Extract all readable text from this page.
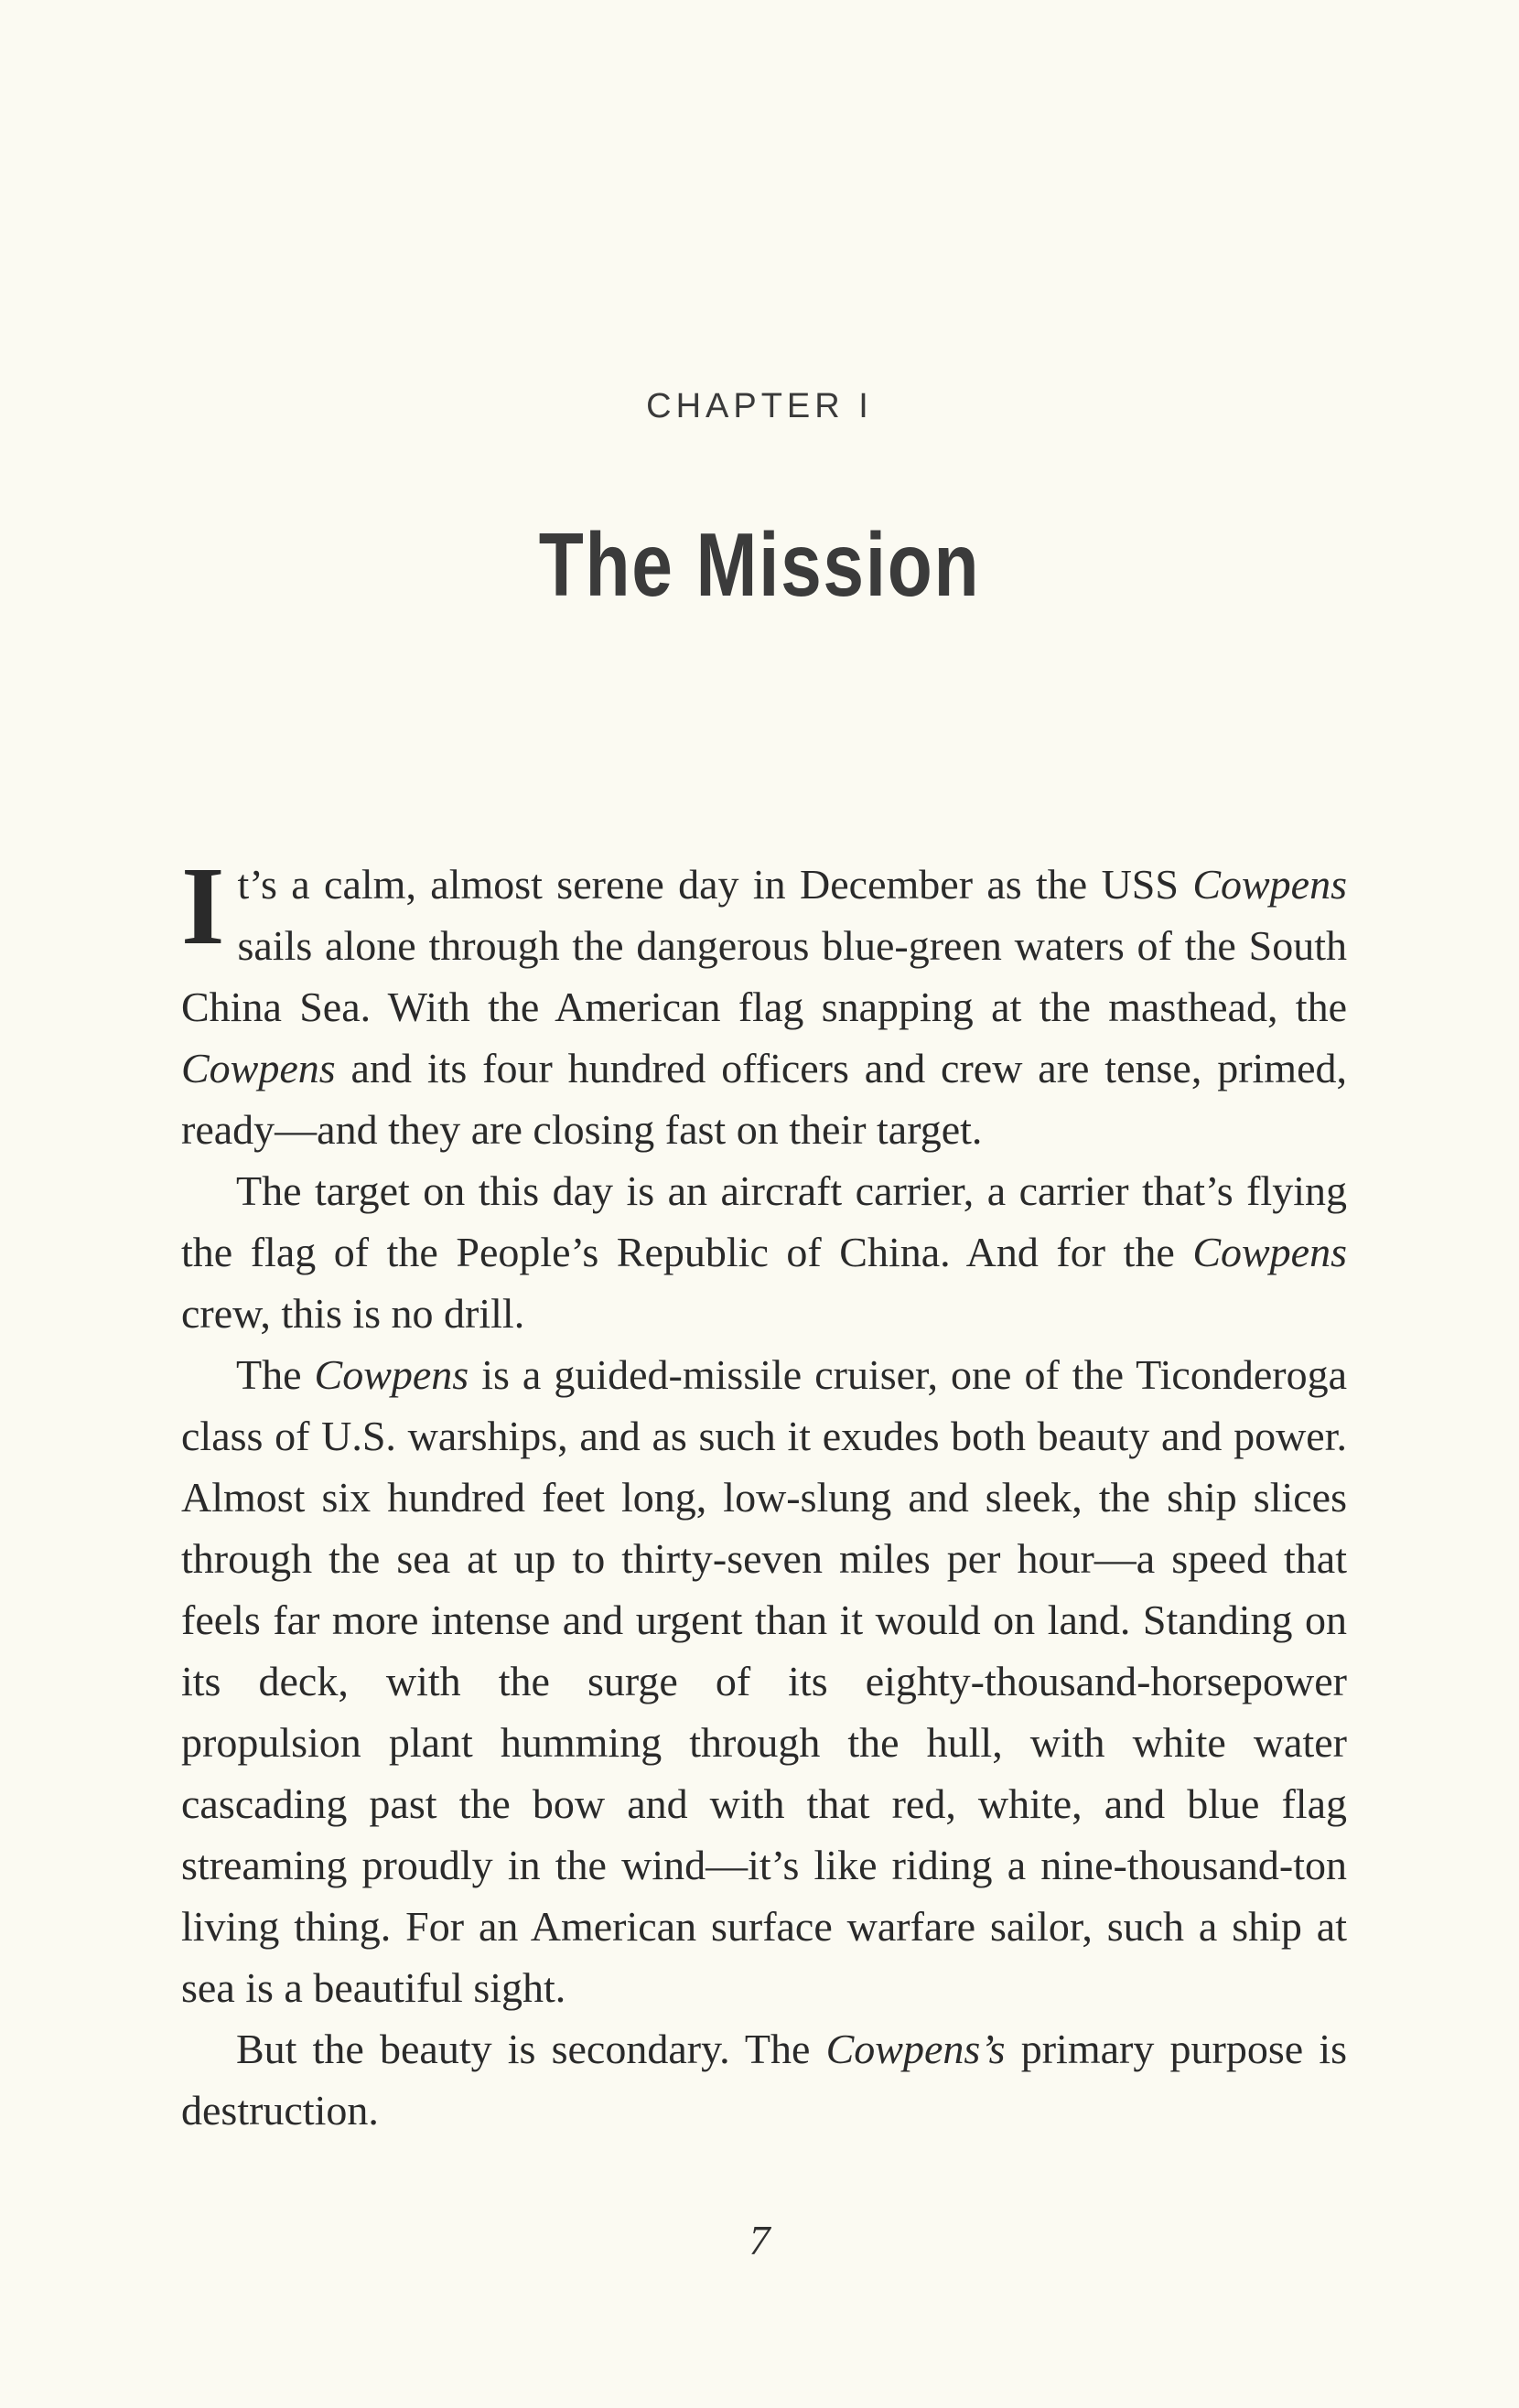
CHAPTER I
The Mission

It’s a calm, almost serene day in December as the USS Cowpens sails alone through the dangerous blue-green waters of the South China Sea. With the American flag snapping at the masthead, the Cowpens and its four hundred officers and crew are tense, primed, ready—and they are closing fast on their target.

The target on this day is an aircraft carrier, a carrier that’s flying the flag of the People’s Republic of China. And for the Cowpens crew, this is no drill.

The Cowpens is a guided-missile cruiser, one of the Ticonderoga class of U.S. warships, and as such it exudes both beauty and power. Almost six hundred feet long, low-slung and sleek, the ship slices through the sea at up to thirty-seven miles per hour—a speed that feels far more intense and urgent than it would on land. Standing on its deck, with the surge of its eighty-thousand-horsepower propulsion plant humming through the hull, with white water cascading past the bow and with that red, white, and blue flag streaming proudly in the wind—it’s like riding a nine-thousand-ton living thing. For an American surface warfare sailor, such a ship at sea is a beautiful sight.

But the beauty is secondary. The Cowpens’s primary purpose is destruction.

7
